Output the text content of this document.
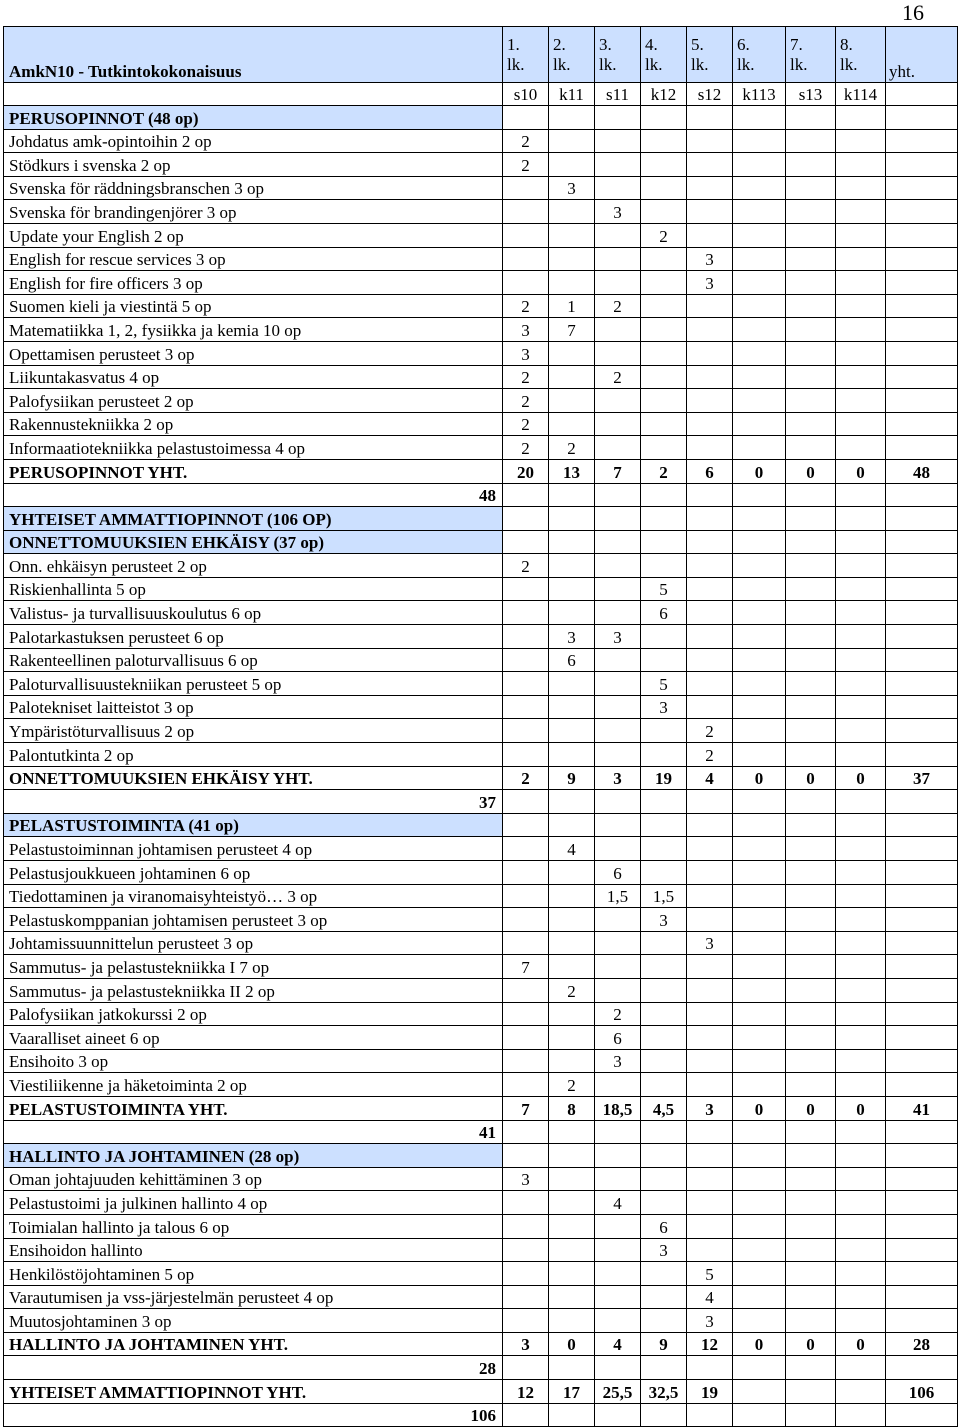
16
AmkN10 - Tutkintokokonaisuus	1.
lk.	2.
lk.	3.
lk.	4.
lk.	5.
lk.	6.
lk.	7.
lk.	8.
lk.	yht.
	s10	k11	s11	k12	s12	k113	s13	k114	
PERUSOPINNOT (48 op)									
Johdatus amk-opintoihin 2 op	2								
Stödkurs i svenska 2 op	2								
Svenska för räddningsbranschen 3 op		3							
Svenska för brandingenjörer 3 op			3						
Update your English 2 op				2					
English for rescue services 3 op					3				
English for fire officers 3 op					3				
Suomen kieli ja viestintä 5 op	2	1	2						
Matematiikka 1, 2, fysiikka ja kemia 10 op	3	7							
Opettamisen perusteet 3 op	3								
Liikuntakasvatus 4 op	2		2						
Palofysiikan perusteet 2 op	2								
Rakennustekniikka 2 op	2								
Informaatiotekniikka pelastustoimessa 4 op	2	2							
PERUSOPINNOT YHT.	20	13	7	2	6	0	0	0	48
48									
YHTEISET AMMATTIOPINNOT (106 OP)									
ONNETTOMUUKSIEN EHKÄISY (37 op)									
Onn. ehkäisyn perusteet 2 op	2								
Riskienhallinta 5 op				5					
Valistus- ja turvallisuuskoulutus 6 op				6					
Palotarkastuksen perusteet 6 op		3	3						
Rakenteellinen paloturvallisuus 6 op		6							
Paloturvallisuustekniikan perusteet 5 op				5					
Palotekniset laitteistot 3 op				3					
Ympäristöturvallisuus 2 op					2				
Palontutkinta 2 op					2				
ONNETTOMUUKSIEN EHKÄISY YHT.	2	9	3	19	4	0	0	0	37
37									
PELASTUSTOIMINTA (41 op)									
Pelastustoiminnan johtamisen perusteet 4 op		4							
Pelastusjoukkueen johtaminen 6 op			6						
Tiedottaminen ja viranomaisyhteistyö… 3 op			1,5	1,5					
Pelastuskomppanian johtamisen perusteet 3 op				3					
Johtamissuunnittelun perusteet 3 op					3				
Sammutus- ja pelastustekniikka I 7 op	7								
Sammutus- ja pelastustekniikka II 2 op		2							
Palofysiikan jatkokurssi 2 op			2						
Vaaralliset aineet 6 op			6						
Ensihoito 3 op			3						
Viestiliikenne ja häketoiminta 2 op		2							
PELASTUSTOIMINTA YHT.	7	8	18,5	4,5	3	0	0	0	41
41									
HALLINTO JA JOHTAMINEN (28 op)									
Oman johtajuuden kehittäminen 3 op	3								
Pelastustoimi ja julkinen hallinto 4 op			4						
Toimialan hallinto ja talous 6 op				6					
Ensihoidon hallinto				3					
Henkilöstöjohtaminen 5 op					5				
Varautumisen ja vss-järjestelmän perusteet 4 op					4				
Muutosjohtaminen 3 op					3				
HALLINTO JA JOHTAMINEN YHT.	3	0	4	9	12	0	0	0	28
28									
YHTEISET AMMATTIOPINNOT YHT.	12	17	25,5	32,5	19				106
106									
